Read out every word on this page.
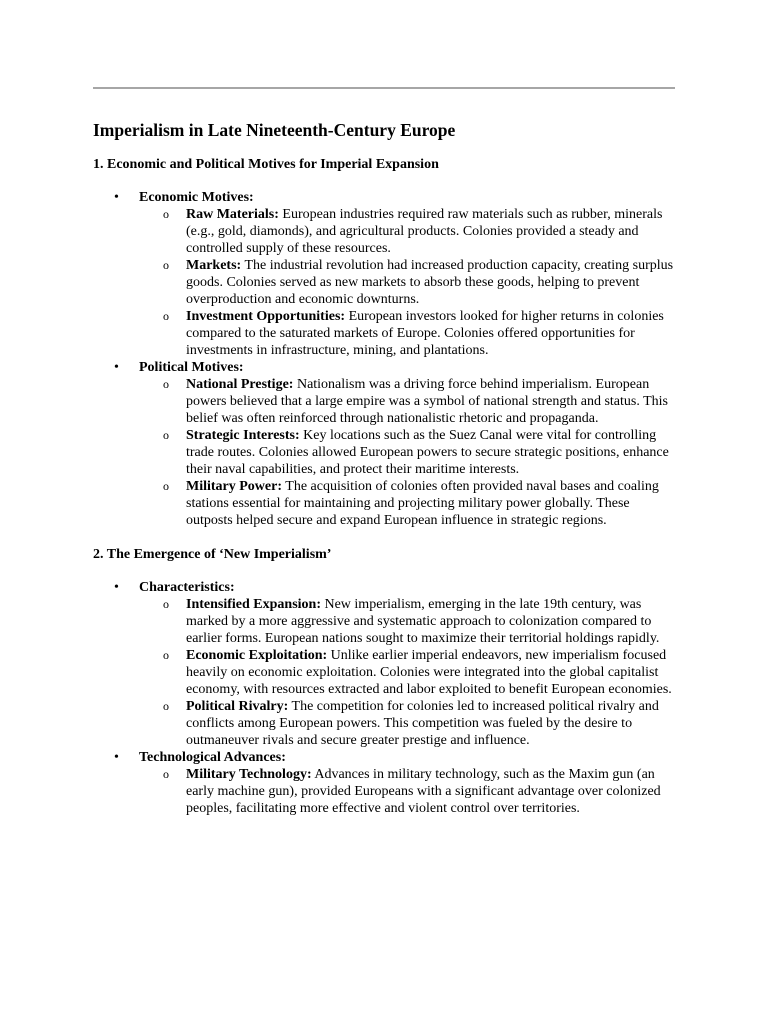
Imperialism in Late Nineteenth-Century Europe
1. Economic and Political Motives for Imperial Expansion
• Economic Motives:
o Raw Materials: European industries required raw materials such as rubber, minerals (e.g., gold, diamonds), and agricultural products. Colonies provided a steady and controlled supply of these resources.
o Markets: The industrial revolution had increased production capacity, creating surplus goods. Colonies served as new markets to absorb these goods, helping to prevent overproduction and economic downturns.
o Investment Opportunities: European investors looked for higher returns in colonies compared to the saturated markets of Europe. Colonies offered opportunities for investments in infrastructure, mining, and plantations.
• Political Motives:
o National Prestige: Nationalism was a driving force behind imperialism. European powers believed that a large empire was a symbol of national strength and status. This belief was often reinforced through nationalistic rhetoric and propaganda.
o Strategic Interests: Key locations such as the Suez Canal were vital for controlling trade routes. Colonies allowed European powers to secure strategic positions, enhance their naval capabilities, and protect their maritime interests.
o Military Power: The acquisition of colonies often provided naval bases and coaling stations essential for maintaining and projecting military power globally. These outposts helped secure and expand European influence in strategic regions.
2. The Emergence of ‘New Imperialism’
• Characteristics:
o Intensified Expansion: New imperialism, emerging in the late 19th century, was marked by a more aggressive and systematic approach to colonization compared to earlier forms. European nations sought to maximize their territorial holdings rapidly.
o Economic Exploitation: Unlike earlier imperial endeavors, new imperialism focused heavily on economic exploitation. Colonies were integrated into the global capitalist economy, with resources extracted and labor exploited to benefit European economies.
o Political Rivalry: The competition for colonies led to increased political rivalry and conflicts among European powers. This competition was fueled by the desire to outmaneuver rivals and secure greater prestige and influence.
• Technological Advances:
o Military Technology: Advances in military technology, such as the Maxim gun (an early machine gun), provided Europeans with a significant advantage over colonized peoples, facilitating more effective and violent control over territories.
